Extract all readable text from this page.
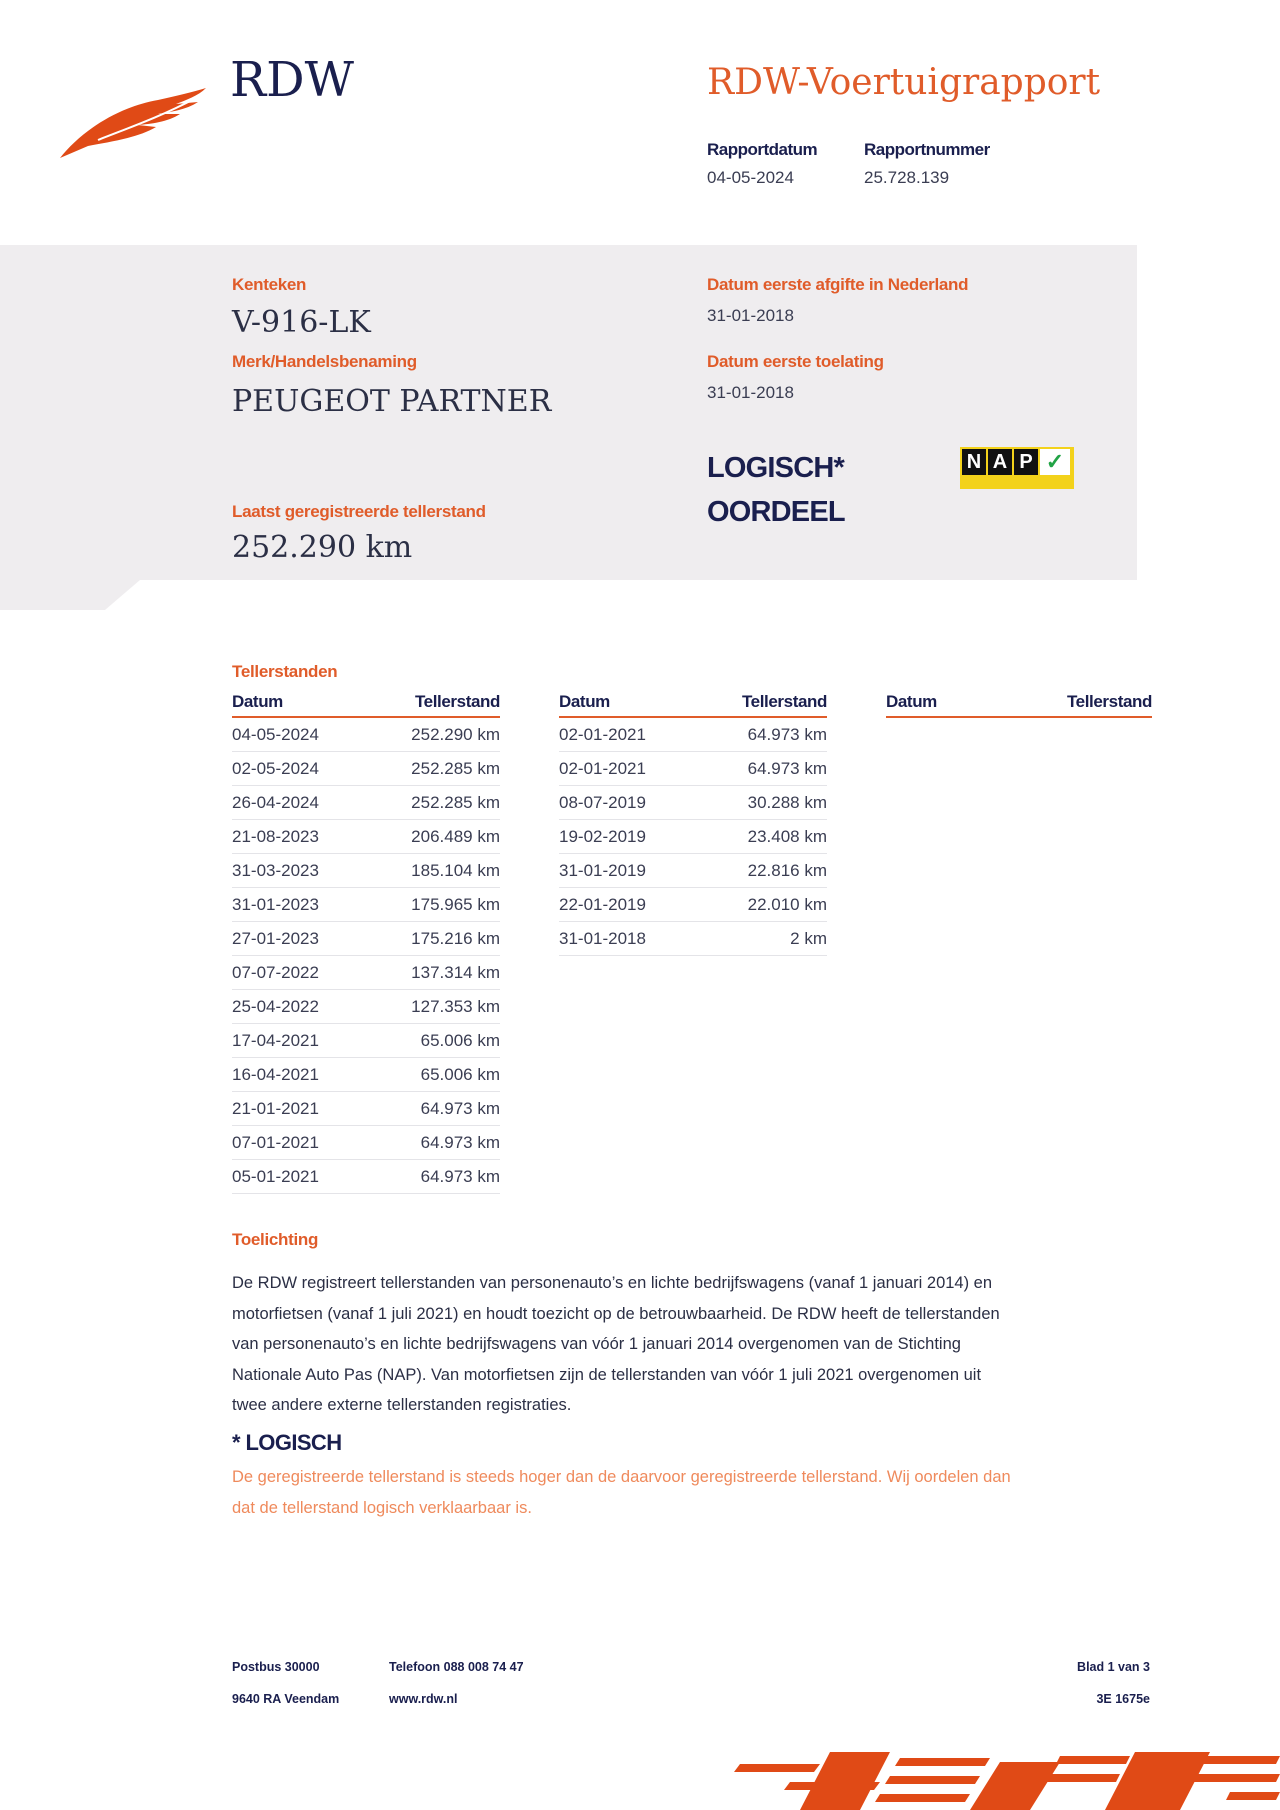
RDW	RDW-Voertuigrapport
Rapportdatum
04-05-2024
Rapportnummer
25.728.139
Kenteken
V-916-LK
Merk/Handelsbenaming
PEUGEOT PARTNER
Datum eerste afgifte in Nederland
31-01-2018
Datum eerste toelating
31-01-2018
LOGISCH*
OORDEEL
N A P ✓
Laatst geregistreerde tellerstand
252.290 km
Tellerstanden
Datum	Tellerstand
04-05-2024	252.290 km
02-05-2024	252.285 km
26-04-2024	252.285 km
21-08-2023	206.489 km
31-03-2023	185.104 km
31-01-2023	175.965 km
27-01-2023	175.216 km
07-07-2022	137.314 km
25-04-2022	127.353 km
17-04-2021	65.006 km
16-04-2021	65.006 km
21-01-2021	64.973 km
07-01-2021	64.973 km
05-01-2021	64.973 km
Datum	Tellerstand
02-01-2021	64.973 km
02-01-2021	64.973 km
08-07-2019	30.288 km
19-02-2019	23.408 km
31-01-2019	22.816 km
22-01-2019	22.010 km
31-01-2018	2 km
Datum	Tellerstand
Toelichting
De RDW registreert tellerstanden van personenauto’s en lichte bedrijfswagens (vanaf 1 januari 2014) en
motorfietsen (vanaf 1 juli 2021) en houdt toezicht op de betrouwbaarheid. De RDW heeft de tellerstanden
van personenauto’s en lichte bedrijfswagens van vóór 1 januari 2014 overgenomen van de Stichting
Nationale Auto Pas (NAP). Van motorfietsen zijn de tellerstanden van vóór 1 juli 2021 overgenomen uit
twee andere externe tellerstanden registraties.
* LOGISCH
De geregistreerde tellerstand is steeds hoger dan de daarvoor geregistreerde tellerstand. Wij oordelen dan
dat de tellerstand logisch verklaarbaar is.
Postbus 30000
9640 RA Veendam
Telefoon 088 008 74 47
www.rdw.nl
Blad 1 van 3
3E 1675e
